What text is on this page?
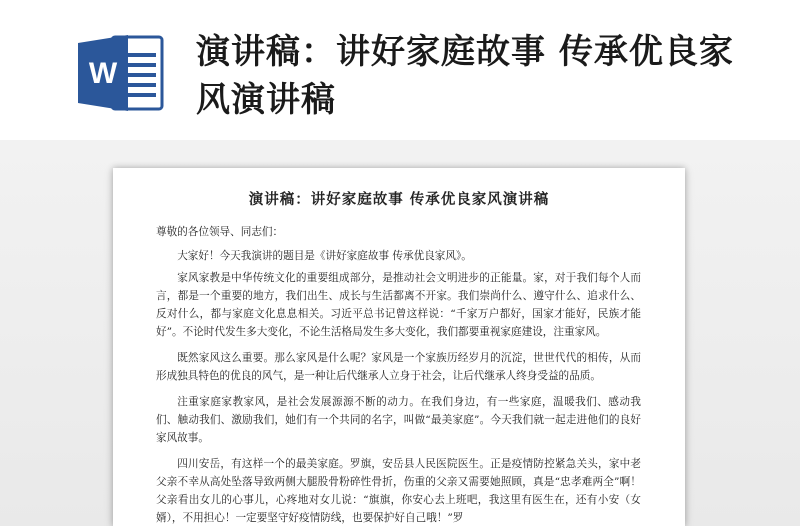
W
演讲稿：讲好家庭故事 传承优良家风演讲稿
演讲稿：讲好家庭故事 传承优良家风演讲稿

尊敬的各位领导、同志们：

大家好！今天我演讲的题目是《讲好家庭故事 传承优良家风》。

家风家教是中华传统文化的重要组成部分，是推动社会文明进步的正能量。家，对于我们每个人而言，都是一个重要的地方，我们出生、成长与生活都离不开家。我们崇尚什么、遵守什么、追求什么、反对什么，都与家庭文化息息相关。习近平总书记曾这样说：“千家万户都好，国家才能好，民族才能好”。不论时代发生多大变化，不论生活格局发生多大变化，我们都要重视家庭建设，注重家风。

既然家风这么重要。那么家风是什么呢？家风是一个家族历经岁月的沉淀，世世代代的相传，从而形成独具特色的优良的风气，是一种让后代继承人立身于社会，让后代继承人终身受益的品质。

注重家庭家教家风，是社会发展源源不断的动力。在我们身边，有一些家庭，温暖我们、感动我们、触动我们、激励我们，她们有一个共同的名字，叫做“最美家庭”。今天我们就一起走进他们的良好家风故事。

四川安岳，有这样一个的最美家庭。罗旗，安岳县人民医院医生。正是疫情防控紧急关头，家中老父亲不幸从高处坠落导致两侧大腿股骨粉碎性骨折，伤重的父亲又需要她照顾，真是“忠孝难两全”啊！父亲看出女儿的心事儿，心疼地对女儿说：“旗旗，你安心去上班吧，我这里有医生在，还有小安（女婿），不用担心！一定要坚守好疫情防线，也要保护好自己哦！”罗
